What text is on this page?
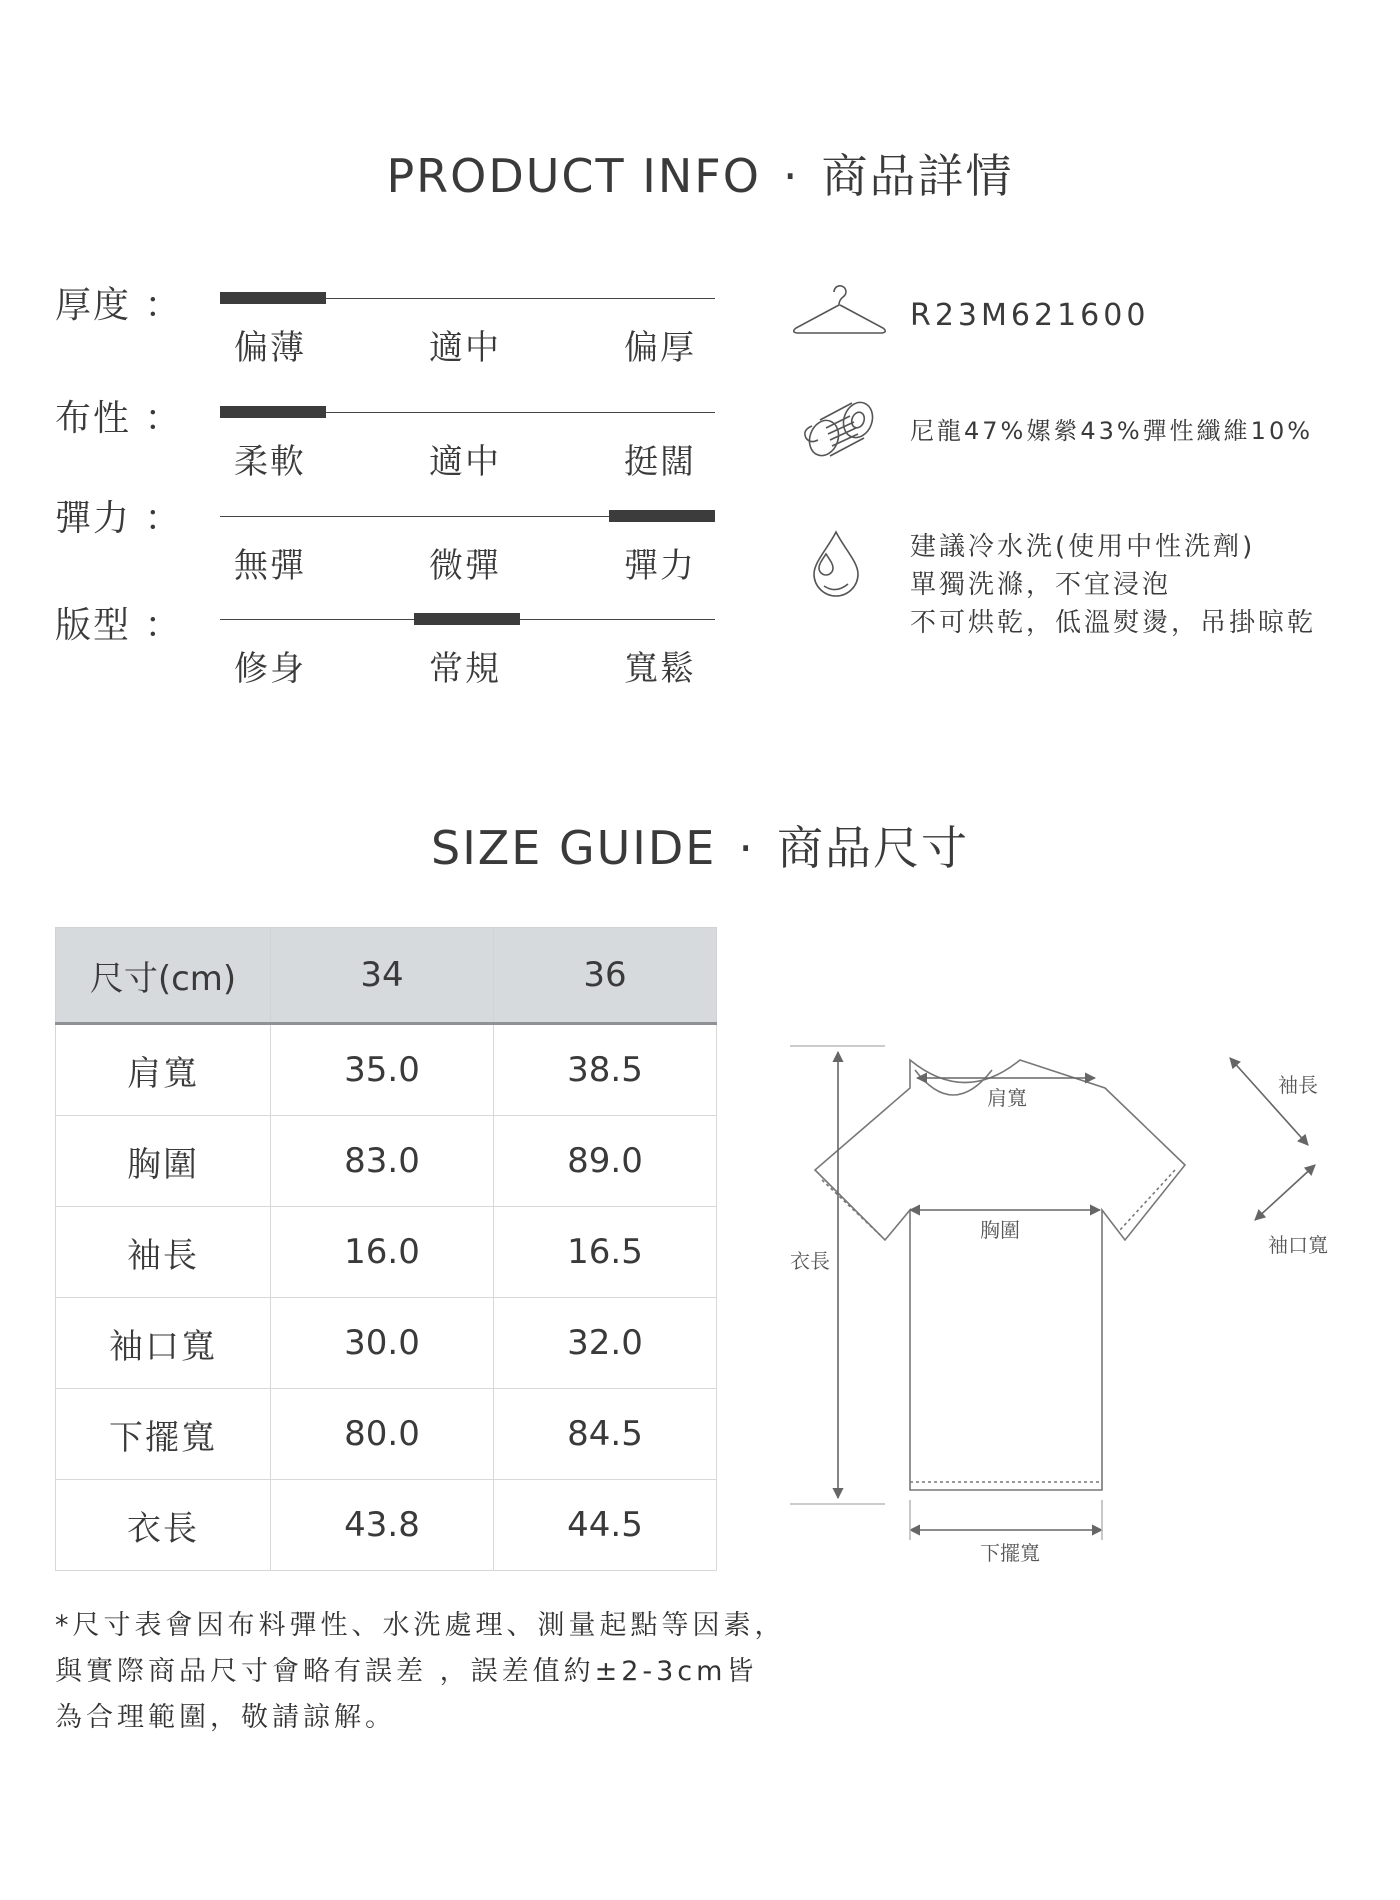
PRODUCT INFO · 商品詳情
厚度 ：
偏薄	適中	偏厚
布性 ：
柔軟	適中	挺闊
彈力 ：
無彈	微彈	彈力
版型 ：
修身	常規	寬鬆
R23M621600
尼龍47%嫘縈43%彈性纖維10%
建議冷水洗(使用中性洗劑)
單獨洗滌，不宜浸泡
不可烘乾，低溫熨燙，吊掛晾乾
SIZE GUIDE · 商品尺寸
尺寸(cm)	34	36
肩寬	35.0	38.5
胸圍	83.0	89.0
袖長	16.0	16.5
袖口寬	30.0	32.0
下擺寬	80.0	84.5
衣長	43.8	44.5
肩寬
胸圍
袖長
袖口寬
衣長
下擺寬
*尺寸表會因布料彈性、水洗處理、測量起點等因素，
與實際商品尺寸會略有誤差 ，誤差值約±2-3cm皆
為合理範圍，敬請諒解。
